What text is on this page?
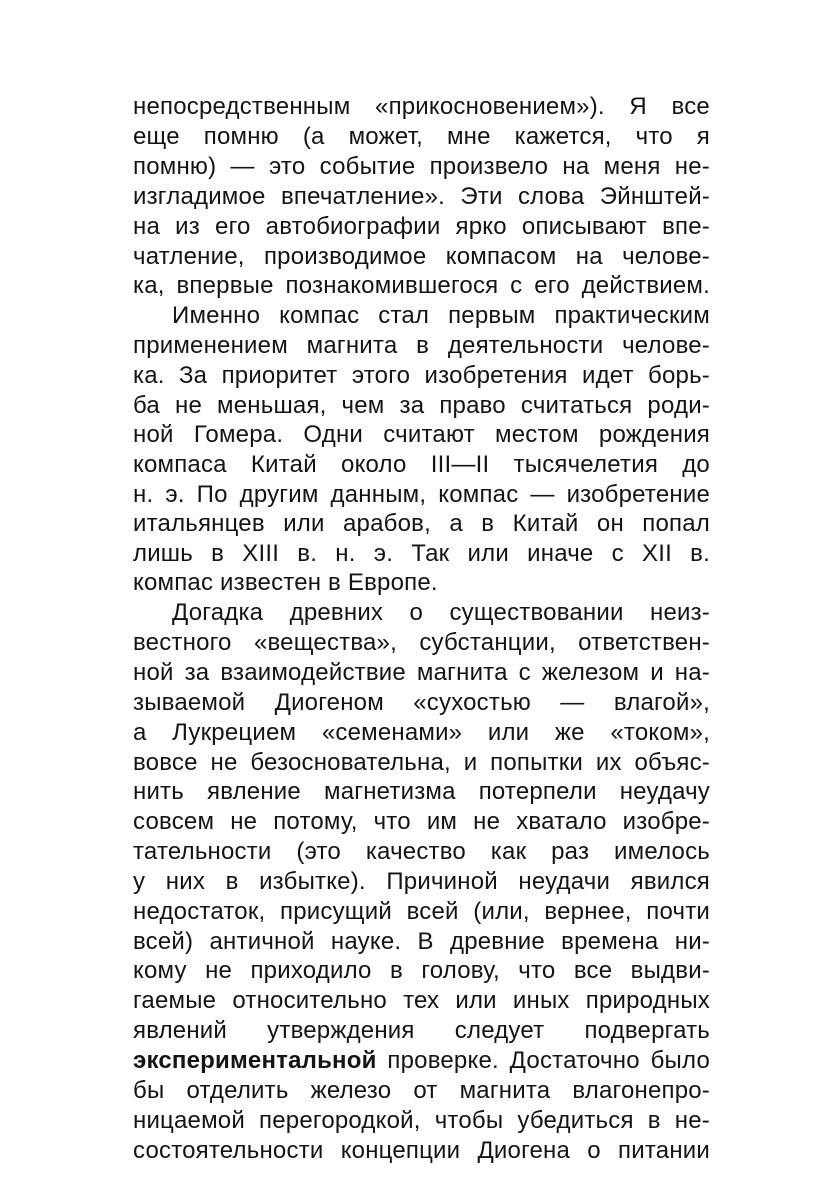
непосредственным «прикосновением»). Я все

еще помню (а может, мне кажется, что я

помню) — это событие произвело на меня не-

изгладимое впечатление». Эти слова Эйнштей-

на из его автобиографии ярко описывают впе-

чатление, производимое компасом на челове-

ка, впервые познакомившегося с его действием.

Именно компас стал первым практическим

применением магнита в деятельности челове-

ка. За приоритет этого изобретения идет борь-

ба не меньшая, чем за право считаться роди-

ной Гомера. Одни считают местом рождения

компаса Китай около III—II тысячелетия до

н. э. По другим данным, компас — изобретение

итальянцев или арабов, а в Китай он попал

лишь в XIII в. н. э. Так или иначе с XII в.

компас известен в Европе.

Догадка древних о существовании неиз-

вестного «вещества», субстанции, ответствен-

ной за взаимодействие магнита с железом и на-

зываемой Диогеном «сухостью — влагой»,

а Лукрецием «семенами» или же «током»,

вовсе не безосновательна, и попытки их объяс-

нить явление магнетизма потерпели неудачу

совсем не потому, что им не хватало изобре-

тательности (это качество как раз имелось

у них в избытке). Причиной неудачи явился

недостаток, присущий всей (или, вернее, почти

всей) античной науке. В древние времена ни-

кому не приходило в голову, что все выдви-

гаемые относительно тех или иных природных

явлений утверждения следует подвергать

экспериментальной проверке. Достаточно было

бы отделить железо от магнита влагонепро-

ницаемой перегородкой, чтобы убедиться в не-

состоятельности концепции Диогена о питании
